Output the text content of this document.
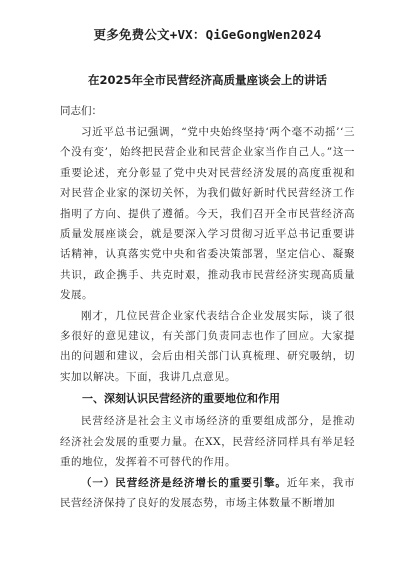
更多免费公文+VX：QiGeGongWen2024
在2025年全市民营经济高质量座谈会上的讲话
同志们：

习近平总书记强调，“党中央始终坚持‘两个毫不动摇’‘三个没有变’，始终把民营企业和民营企业家当作自己人。”这一重要论述，充分彰显了党中央对民营经济发展的高度重视和对民营企业家的深切关怀，为我们做好新时代民营经济工作指明了方向、提供了遵循。今天，我们召开全市民营经济高质量发展座谈会，就是要深入学习贯彻习近平总书记重要讲话精神，认真落实党中央和省委决策部署，坚定信心、凝聚共识，政企携手、共克时艰，推动我市民营经济实现高质量发展。

刚才，几位民营企业家代表结合企业发展实际，谈了很多很好的意见建议，有关部门负责同志也作了回应。大家提出的问题和建议，会后由相关部门认真梳理、研究吸纳，切实加以解决。下面，我讲几点意见。

一、深刻认识民营经济的重要地位和作用

民营经济是社会主义市场经济的重要组成部分，是推动经济社会发展的重要力量。在XX，民营经济同样具有举足轻重的地位，发挥着不可替代的作用。

（一）民营经济是经济增长的重要引擎。近年来，我市民营经济保持了良好的发展态势，市场主体数量不断增加
